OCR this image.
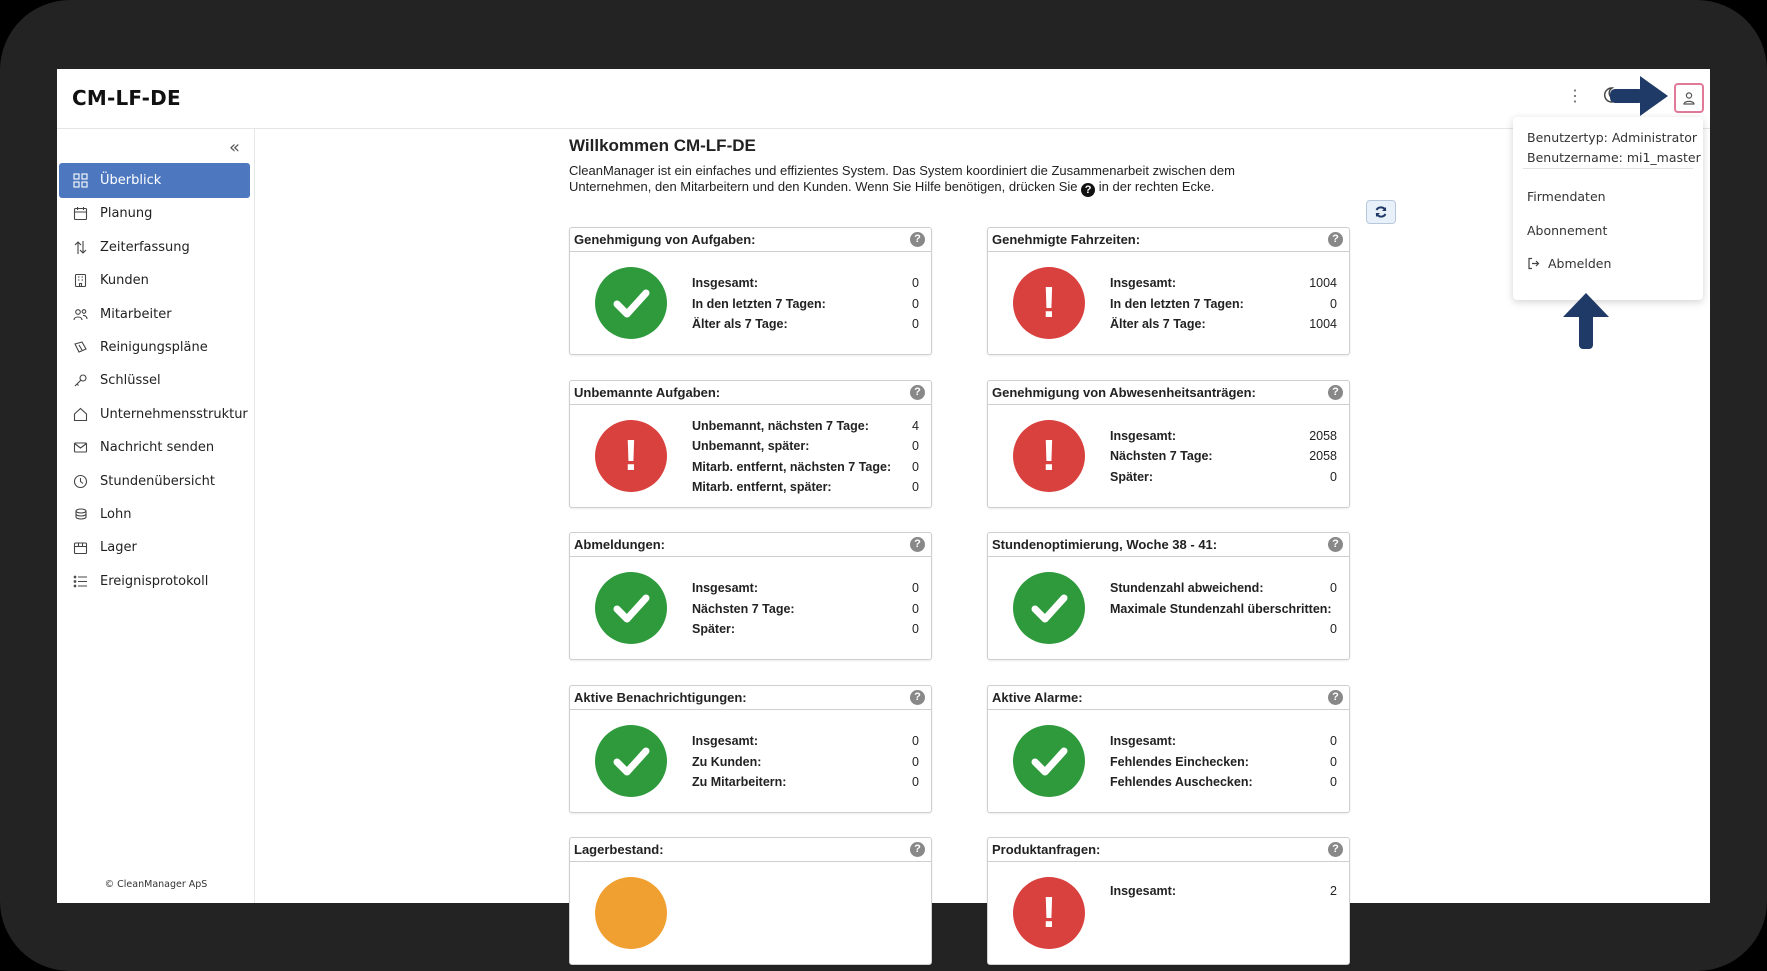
CM-LF-DE	⋮
«
Überblick
Planung
Zeiterfassung
Kunden
Mitarbeiter
Reinigungspläne
Schlüssel
Unternehmensstruktur
Nachricht senden
Stundenübersicht
Lohn
Lager
Ereignisprotokoll
© CleanManager ApS
Willkommen CM-LF-DE
CleanManager ist ein einfaches und effizientes System. Das System koordiniert die Zusammenarbeit zwischen dem Unternehmen, den Mitarbeitern und den Kunden. Wenn Sie Hilfe benötigen, drücken Sie ? in der rechten Ecke.
Genehmigung von Aufgaben:	?
Insgesamt:	0
In den letzten 7 Tagen:	0
Älter als 7 Tage:	0
Genehmigte Fahrzeiten:	?
!	Insgesamt:	1004
In den letzten 7 Tagen:	0
Älter als 7 Tage:	1004
Unbemannte Aufgaben:	?
!
Unbemannt, nächsten 7 Tage:	4
Unbemannt, später:	0
Mitarb. entfernt, nächsten 7 Tage: 0
Mitarb. entfernt, später:	0
Genehmigung von Abwesenheitsanträgen:	?
!	Insgesamt:	2058
Nächsten 7 Tage:	2058
Später:	0
Abmeldungen:	?
Insgesamt:	0
Nächsten 7 Tage:	0
Später:	0
Stundenoptimierung, Woche 38 - 41:	?
Stundenzahl abweichend:	0
Maximale Stundenzahl überschritten:
0
Aktive Benachrichtigungen:	?
Insgesamt:	0
Zu Kunden:	0
Zu Mitarbeitern:	0
Aktive Alarme:	?
Insgesamt:	0
Fehlendes Einchecken:	0
Fehlendes Auschecken:	0
Lagerbestand:	?	Produktanfragen:	?
!	Insgesamt:	2
Benutzertyp: Administrator
Benutzername: mi1_master
Firmendaten
Abonnement
Abmelden
